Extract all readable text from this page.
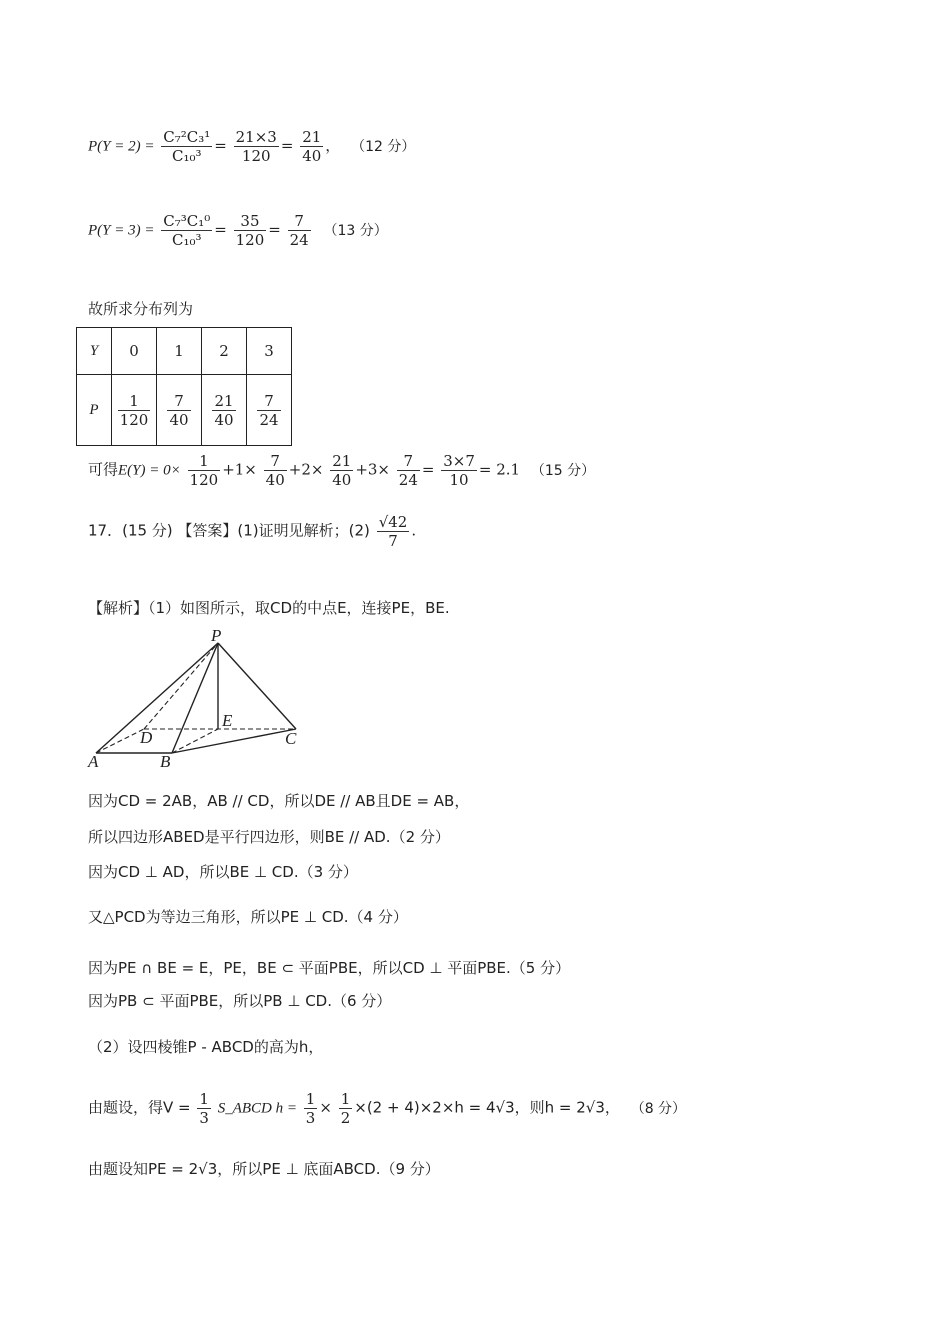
$P(Y = 2) = \frac{\text{C₇²C₃¹}}{\text{C₁₀³}} = \frac{21\times 3}{120} = \frac{21}{40}$ ， （12 分）
$P(Y = 3) = \frac{\text{C₇³C₁⁰}}{\text{C₁₀³}} = \frac{35}{120} = \frac{7}{24} (13$ 分）
故所求分布列为
Y	0	1	2	3
P	$\frac{1}{120}$	$\frac{7}{40}$	$\frac{21}{40}$	$\frac{7}{24}$
可得$E(Y) = 0\times \frac{1}{120} +1\times \frac{7}{40} +2\times \frac{21}{40} +3\times \frac{7}{24} = \frac{3\times 7}{10} = 2.1$ （15 分）
17．(15 分) 【答案】(1)证明见解析；$(2) \frac{√42}{7}$ .
【解析】（1）如图所示，取CD的中点E，连接PE，BE.
P
A	B
C
D
E
因为CD = 2AB，AB // CD，所以DE // AB且DE = AB，
所以四边形ABED是平行四边形，则BE // AD.（2 分）
因为CD ⊥ AD，所以BE ⊥ CD.（3 分）
又△PCD为等边三角形，所以PE ⊥ CD.（4 分）
因为PE ∩ BE = E，PE，BE ⊂ 平面PBE，所以CD ⊥ 平面PBE.（5 分）
因为PB ⊂ 平面PBE，所以PB ⊥ CD.（6 分）
（2）设四棱锥P - ABCD的高为h，
由题设，得$V = \frac{1}{3}$ S_ABCD $h = \frac{1}{3} \times \frac{1}{2} \times(2 + 4)\times 2\times h = 4√3$，则h = 2√3， （8 分）
由题设知PE = 2√3，所以PE ⊥ 底面ABCD.（9 分）
